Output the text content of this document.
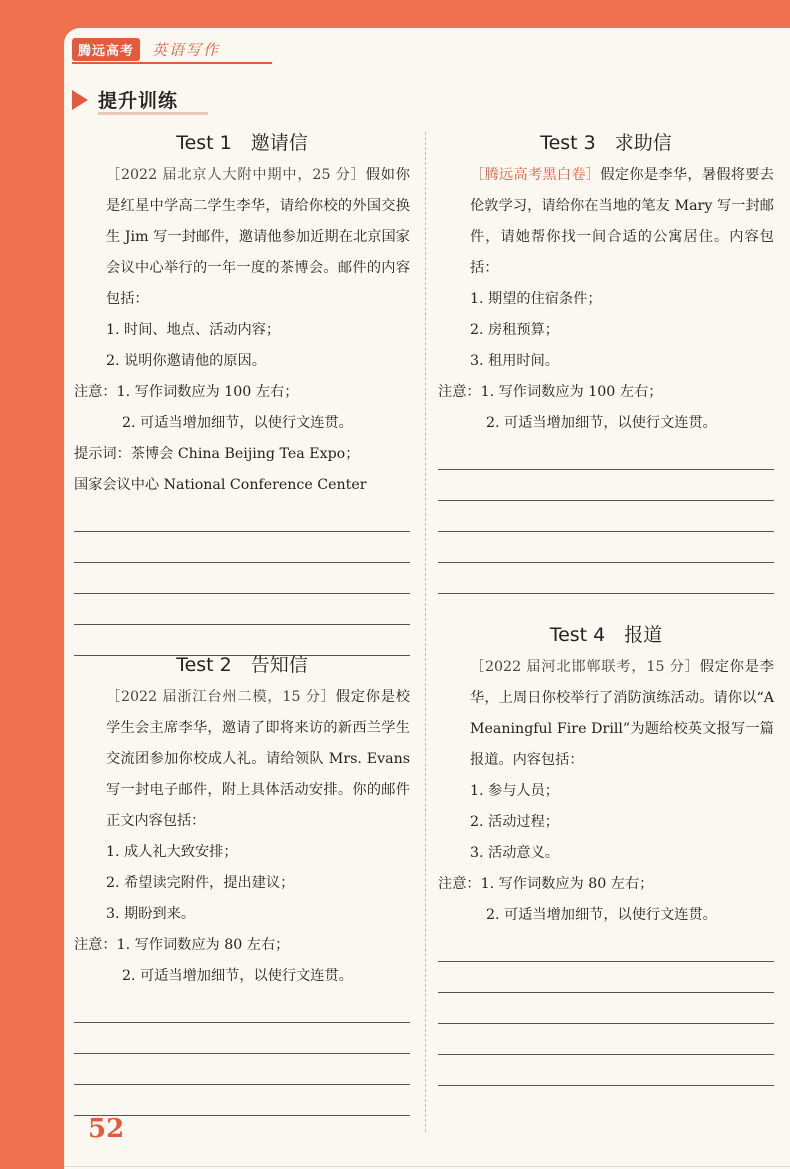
腾远高考	英语写作
提升训练
Test 1　邀请信
［2022 届北京人大附中期中，25 分］假如你是红星中学高二学生李华，请给你校的外国交换生 Jim 写一封邮件，邀请他参加近期在北京国家会议中心举行的一年一度的茶博会。邮件的内容包括：
1. 时间、地点、活动内容；
2. 说明你邀请他的原因。
注意：1. 写作词数应为 100 左右；
2. 可适当增加细节，以使行文连贯。
提示词：茶博会 China Beijing Tea Expo；
国家会议中心 National Conference Center
Test 2　告知信
［2022 届浙江台州二模，15 分］假定你是校学生会主席李华，邀请了即将来访的新西兰学生交流团参加你校成人礼。请给领队 Mrs. Evans 写一封电子邮件，附上具体活动安排。你的邮件正文内容包括：
1. 成人礼大致安排；
2. 希望读完附件，提出建议；
3. 期盼到来。
注意：1. 写作词数应为 80 左右；
2. 可适当增加细节，以使行文连贯。
Test 3　求助信
［腾远高考黑白卷］假定你是李华，暑假将要去伦敦学习，请给你在当地的笔友 Mary 写一封邮件，请她帮你找一间合适的公寓居住。内容包括：
1. 期望的住宿条件；
2. 房租预算；
3. 租用时间。
注意：1. 写作词数应为 100 左右；
2. 可适当增加细节，以使行文连贯。
Test 4　报道
［2022 届河北邯郸联考，15 分］假定你是李华，上周日你校举行了消防演练活动。请你以“A Meaningful Fire Drill”为题给校英文报写一篇报道。内容包括：
1. 参与人员；
2. 活动过程；
3. 活动意义。
注意：1. 写作词数应为 80 左右；
2. 可适当增加细节，以使行文连贯。
52
